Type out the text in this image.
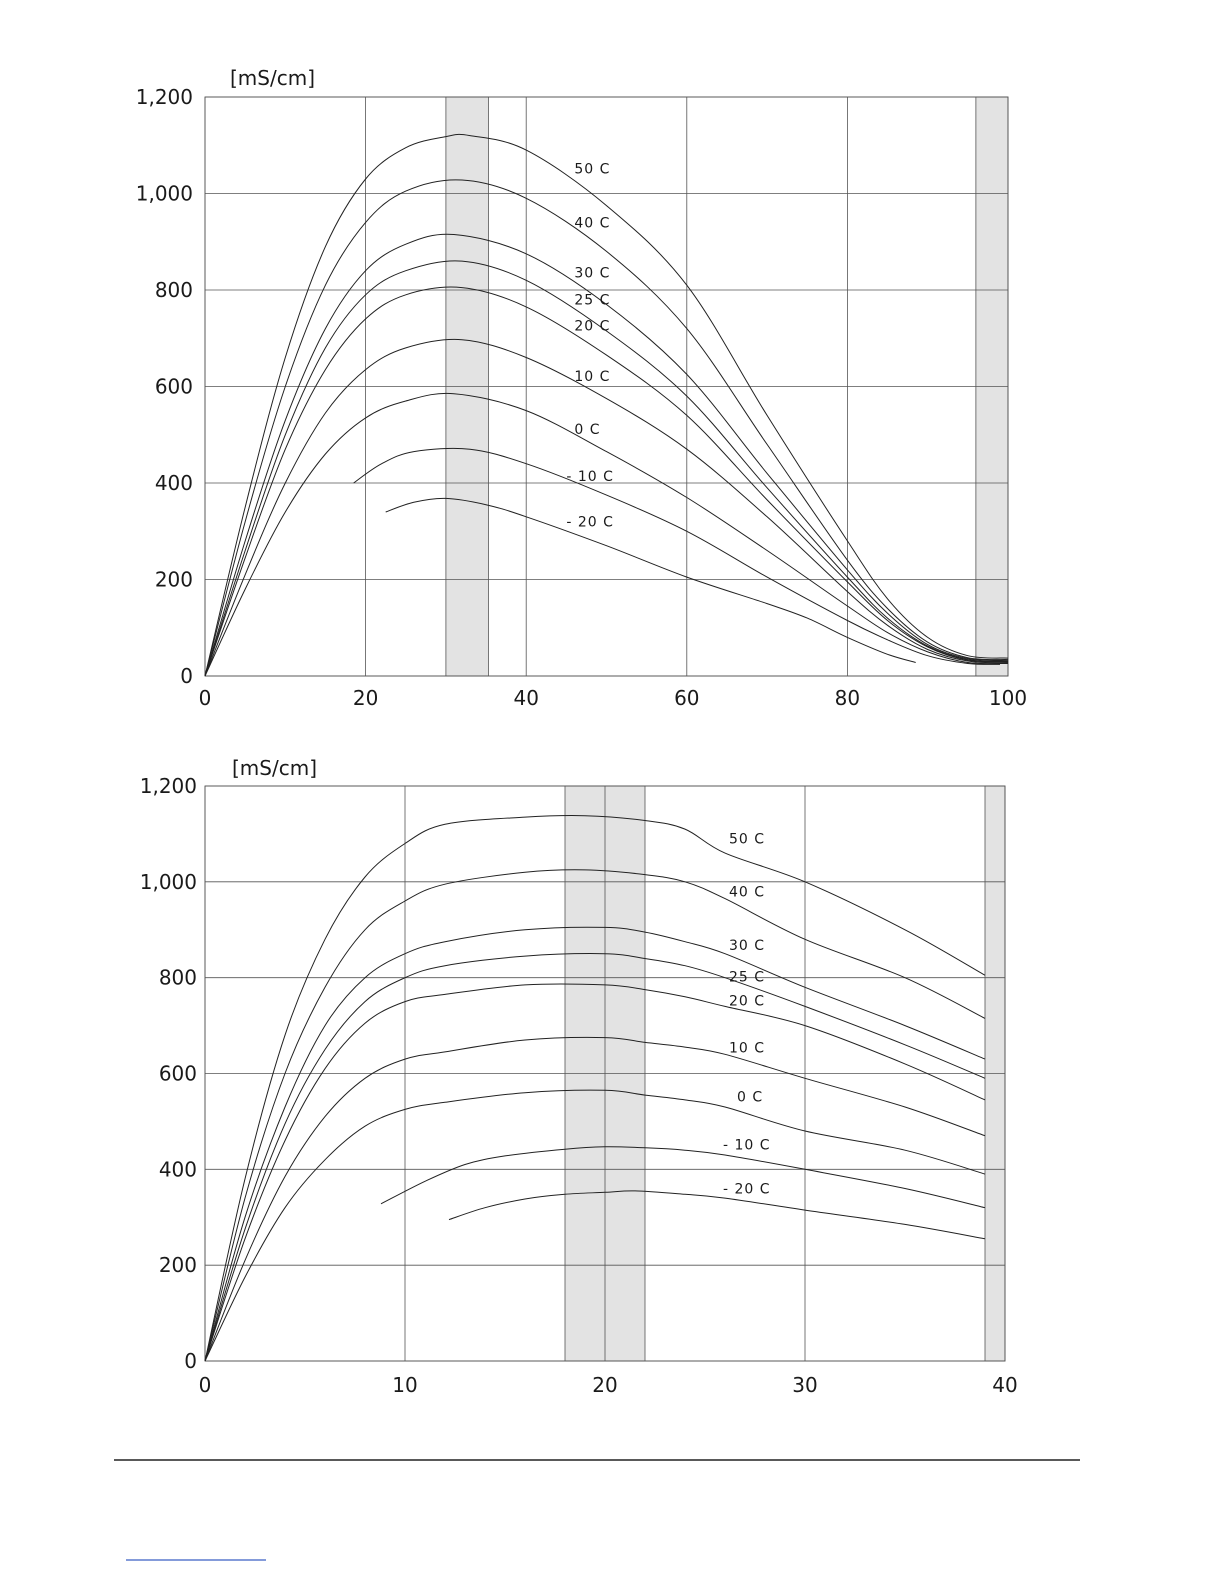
0	20	40	60	80	100
0
200
400
600
800
1,000
1,200
[mS/cm]
50 C
40 C
30 C
25 C
20 C
10 C
0 C
- 10 C
- 20 C
0	10	20	30	40
0
200
400
600
800
1,000
1,200
[mS/cm]
50 C
40 C
30 C
25 C
20 C
10 C
0 C
- 10 C
- 20 C
